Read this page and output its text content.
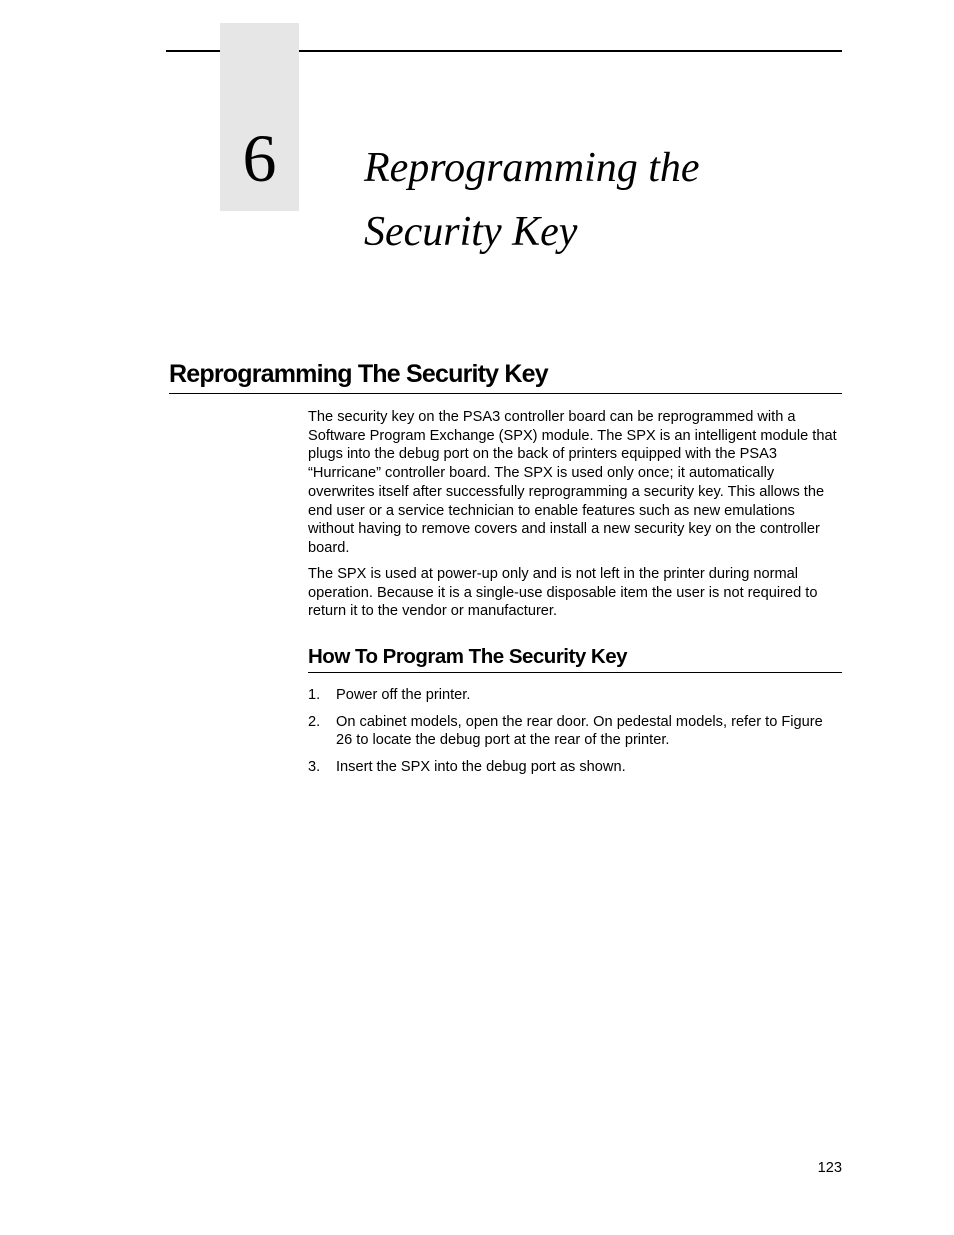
6	Reprogramming the
Security Key
Reprogramming The Security Key

The security key on the PSA3 controller board can be reprogrammed with a Software Program Exchange (SPX) module. The SPX is an intelligent module that plugs into the debug port on the back of printers equipped with the PSA3 “Hurricane” controller board. The SPX is used only once; it automatically overwrites itself after successfully reprogramming a security key. This allows the end user or a service technician to enable features such as new emulations without having to remove covers and install a new security key on the controller board.

The SPX is used at power-up only and is not left in the printer during normal operation. Because it is a single-use disposable item the user is not required to return it to the vendor or manufacturer.

How To Program The Security Key
1.	Power off the printer.
2.	On cabinet models, open the rear door. On pedestal models, refer to Figure 26 to locate the debug port at the rear of the printer.
3.	Insert the SPX into the debug port as shown.
123
